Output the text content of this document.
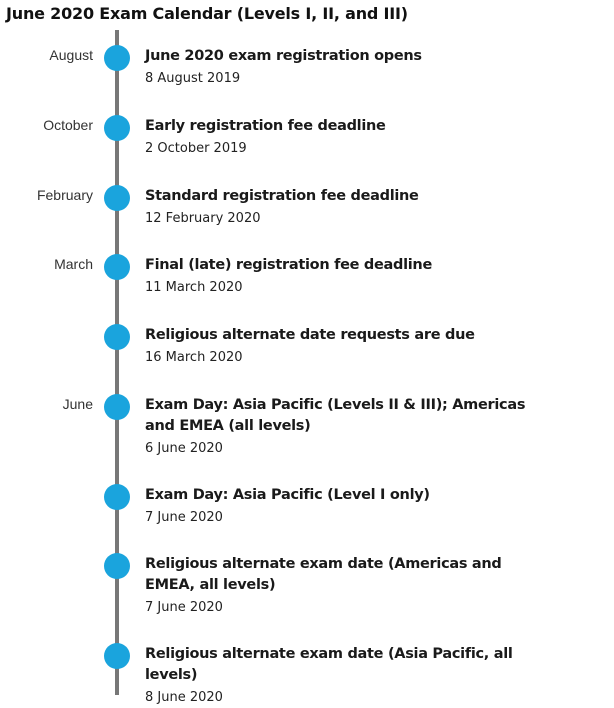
June 2020 Exam Calendar (Levels I, II, and III)
August	June 2020 exam registration opens
8 August 2019
October	Early registration fee deadline
2 October 2019
February	Standard registration fee deadline
12 February 2020
March	Final (late) registration fee deadline
11 March 2020
Religious alternate date requests are due
16 March 2020
June	Exam Day: Asia Pacific (Levels II & III); Americas and EMEA (all levels)
6 June 2020
Exam Day: Asia Pacific (Level I only)
7 June 2020
Religious alternate exam date (Americas and EMEA, all levels)
7 June 2020
Religious alternate exam date (Asia Pacific, all levels)
8 June 2020
